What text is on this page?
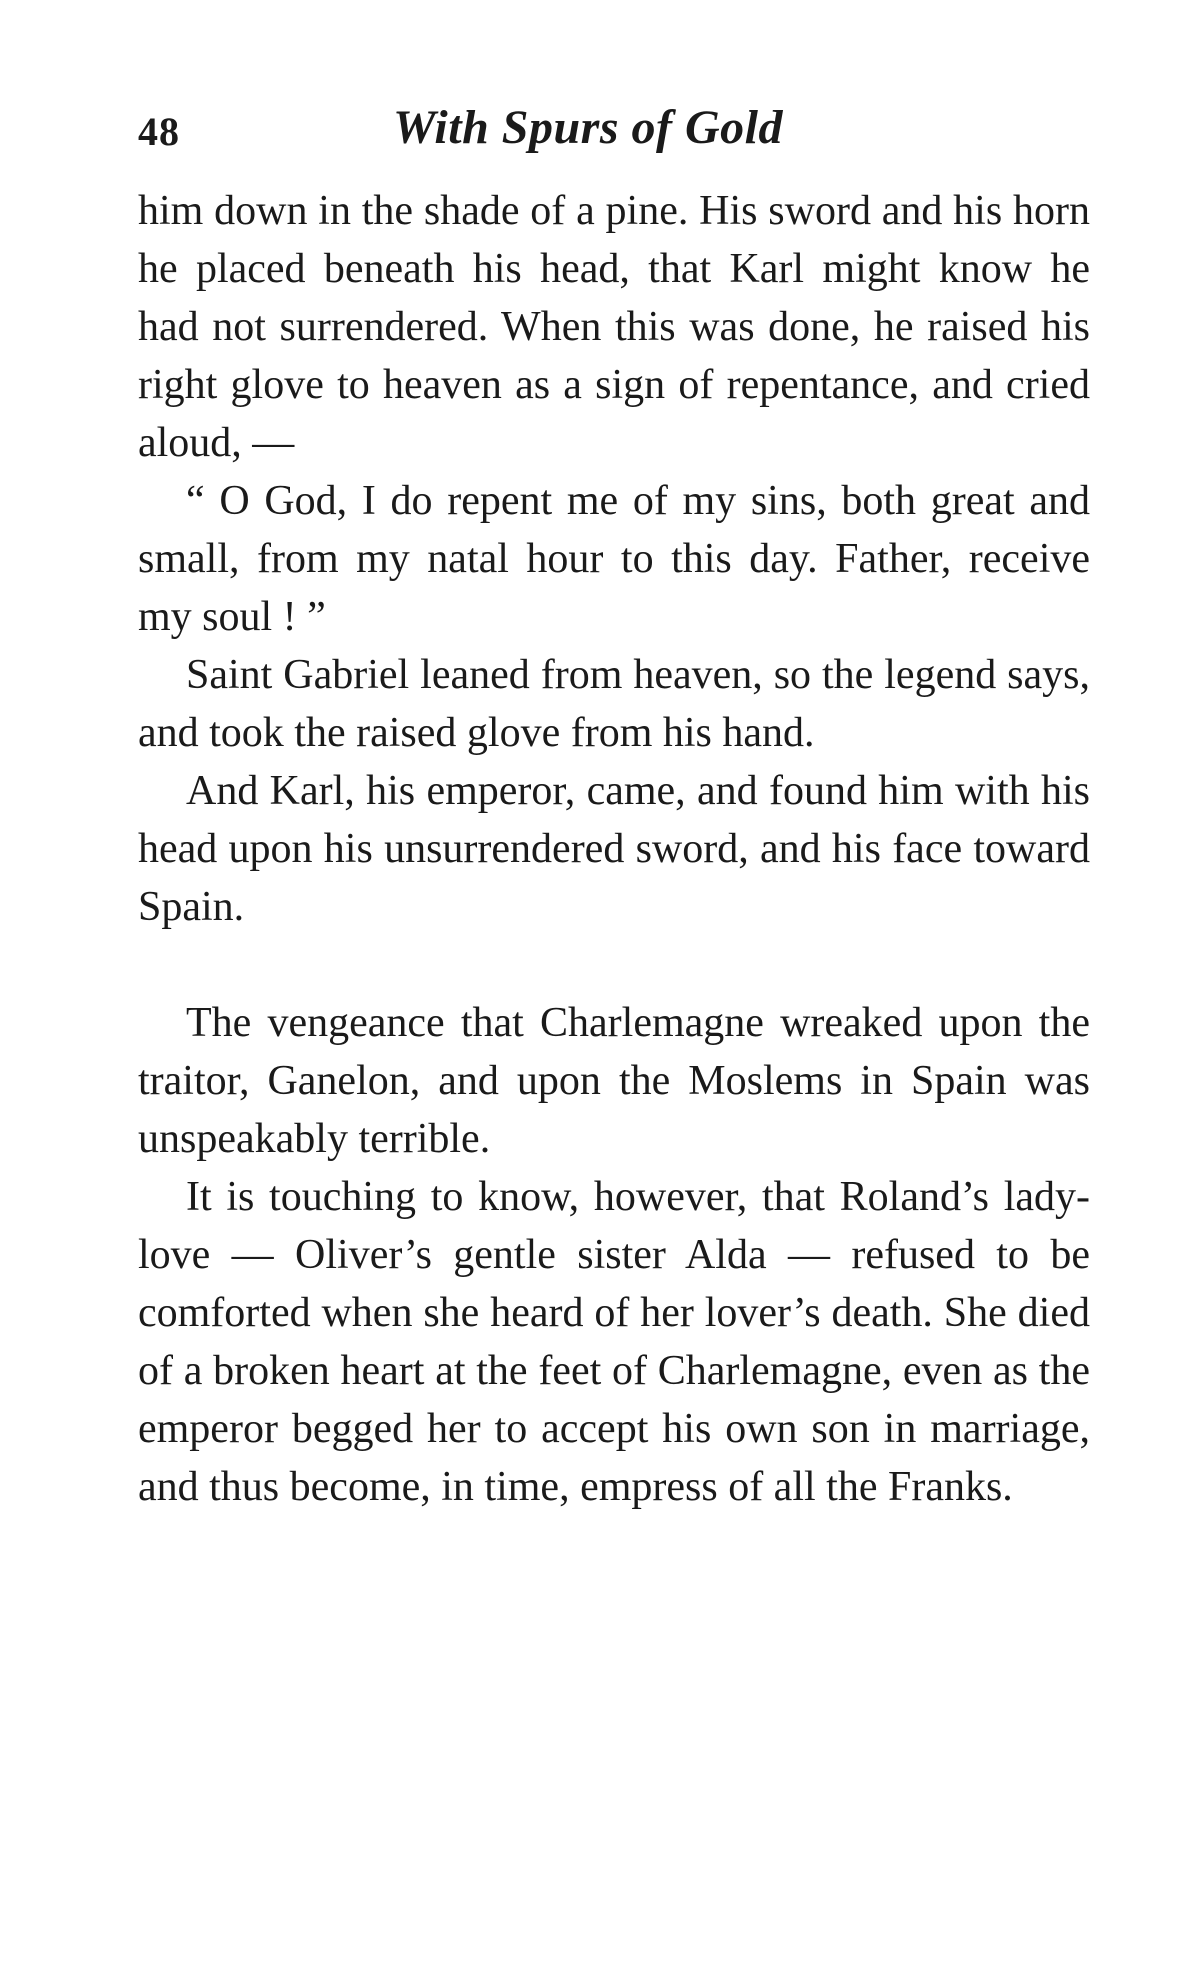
48	With Spurs of Gold

him down in the shade of a pine. His sword and his horn he placed beneath his head, that Karl might know he had not surrendered. When this was done, he raised his right glove to heaven as a sign of repentance, and cried aloud, —

“ O God, I do repent me of my sins, both great and small, from my natal hour to this day. Father, receive my soul ! ”

Saint Gabriel leaned from heaven, so the legend says, and took the raised glove from his hand.

And Karl, his emperor, came, and found him with his head upon his unsurrendered sword, and his face toward Spain.

The vengeance that Charlemagne wreaked upon the traitor, Ganelon, and upon the Moslems in Spain was unspeakably terrible.

It is touching to know, however, that Roland’s lady-love — Oliver’s gentle sister Alda — refused to be comforted when she heard of her lover’s death. She died of a broken heart at the feet of Charlemagne, even as the emperor begged her to accept his own son in marriage, and thus become, in time, empress of all the Franks.
